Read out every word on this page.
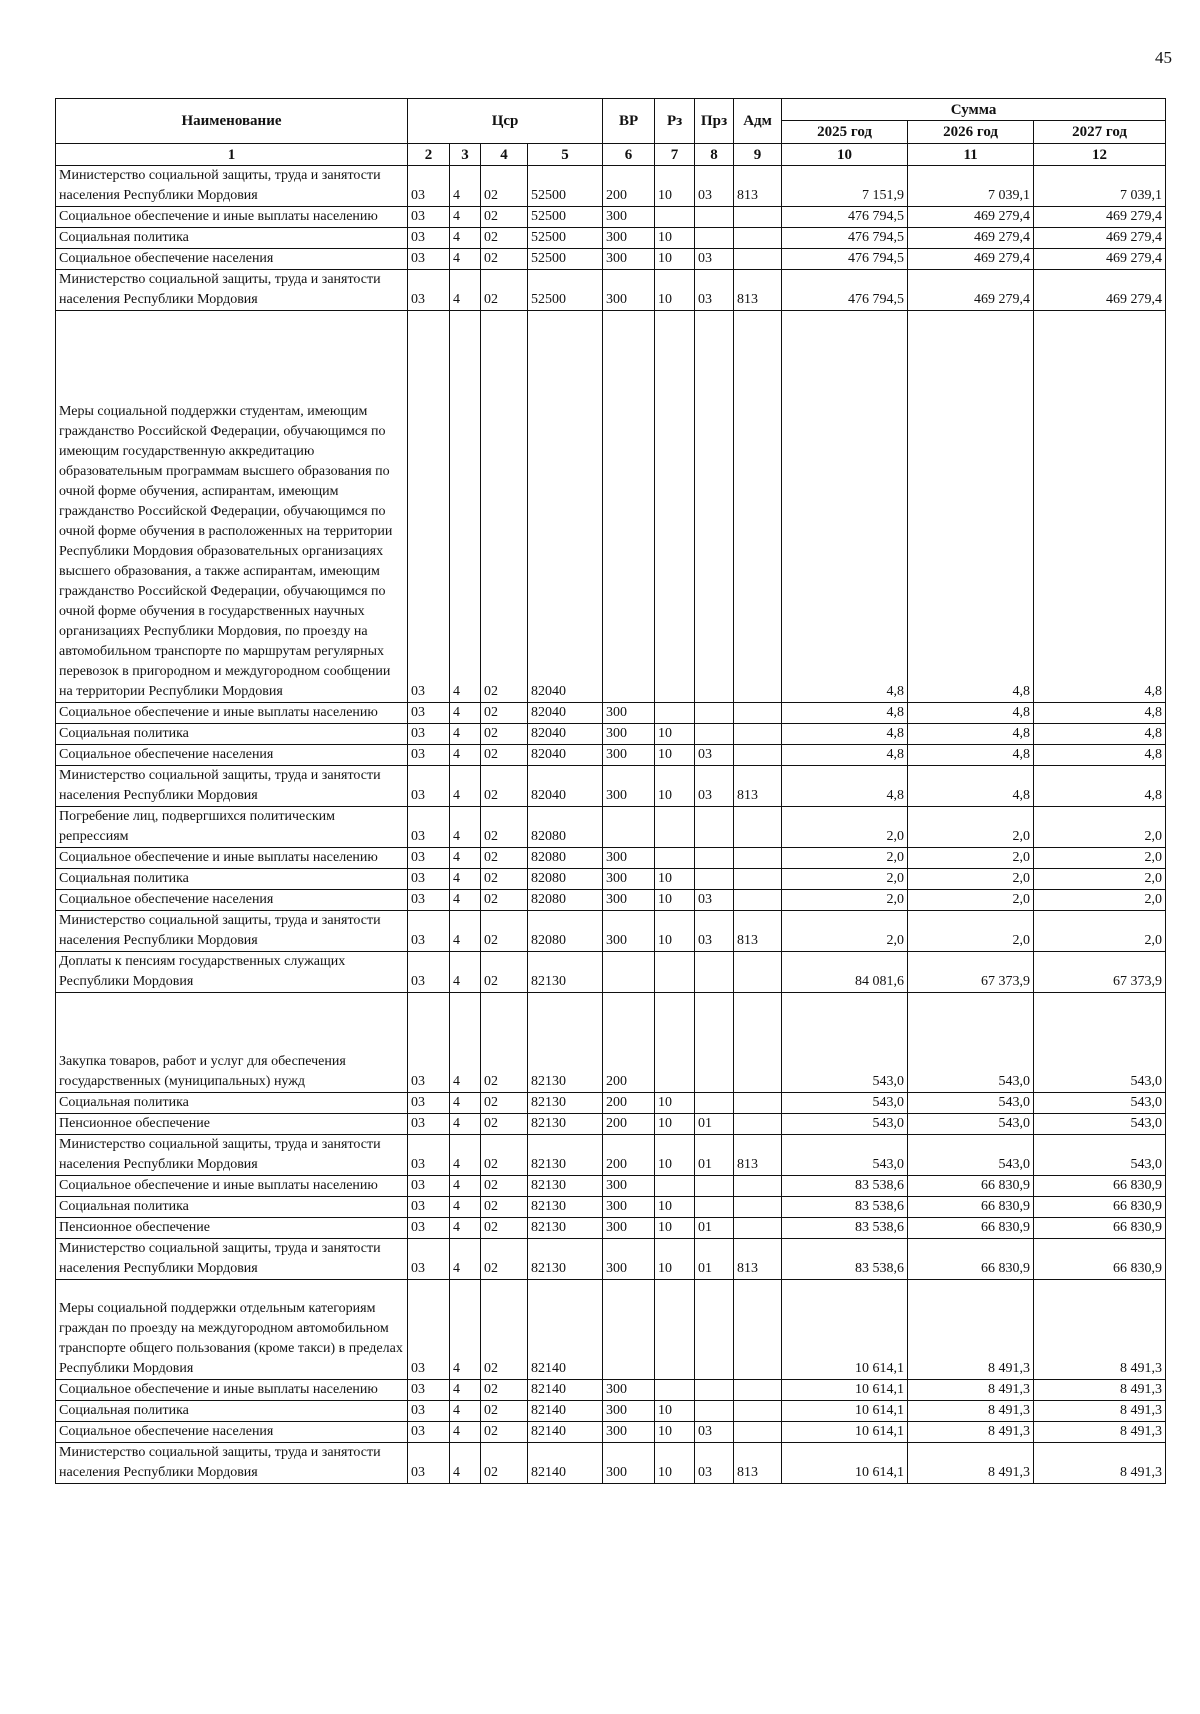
45
Наименование	Цср				ВР	Рз	Прз	Адм	Сумма		
									2025 год	2026 год	2027 год
1	2	3	4	5	6	7	8	9	10	11	12
Министерство социальной защиты, труда и занятости населения Республики Мордовия	03	4	02	52500	200	10	03	813	7 151,9	7 039,1	7 039,1
Социальное обеспечение и иные выплаты населению	03	4	02	52500	300				476 794,5	469 279,4	469 279,4
Социальная политика	03	4	02	52500	300	10			476 794,5	469 279,4	469 279,4
Социальное обеспечение населения	03	4	02	52500	300	10	03		476 794,5	469 279,4	469 279,4
Министерство социальной защиты, труда и занятости населения Республики Мордовия	03	4	02	52500	300	10	03	813	476 794,5	469 279,4	469 279,4
Меры социальной поддержки студентам, имеющим гражданство Российской Федерации, обучающимся по имеющим государственную аккредитацию образовательным программам высшего образования по очной форме обучения, аспирантам, имеющим гражданство Российской Федерации, обучающимся по очной форме обучения в расположенных на территории Республики Мордовия образовательных организациях высшего образования, а также аспирантам, имеющим гражданство Российской Федерации, обучающимся по очной форме обучения в государственных научных организациях Республики Мордовия, по проезду на автомобильном транспорте по маршрутам регулярных перевозок в пригородном и междугородном сообщении на территории Республики Мордовия	03	4	02	82040					4,8	4,8	4,8
Социальное обеспечение и иные выплаты населению	03	4	02	82040	300				4,8	4,8	4,8
Социальная политика	03	4	02	82040	300	10			4,8	4,8	4,8
Социальное обеспечение населения	03	4	02	82040	300	10	03		4,8	4,8	4,8
Министерство социальной защиты, труда и занятости населения Республики Мордовия	03	4	02	82040	300	10	03	813	4,8	4,8	4,8
Погребение лиц, подвергшихся политическим репрессиям	03	4	02	82080					2,0	2,0	2,0
Социальное обеспечение и иные выплаты населению	03	4	02	82080	300				2,0	2,0	2,0
Социальная политика	03	4	02	82080	300	10			2,0	2,0	2,0
Социальное обеспечение населения	03	4	02	82080	300	10	03		2,0	2,0	2,0
Министерство социальной защиты, труда и занятости населения Республики Мордовия	03	4	02	82080	300	10	03	813	2,0	2,0	2,0
Доплаты к пенсиям государственных служащих Республики Мордовия	03	4	02	82130					84 081,6	67 373,9	67 373,9
Закупка товаров, работ и услуг для обеспечения государственных (муниципальных) нужд	03	4	02	82130	200				543,0	543,0	543,0
Социальная политика	03	4	02	82130	200	10			543,0	543,0	543,0
Пенсионное обеспечение	03	4	02	82130	200	10	01		543,0	543,0	543,0
Министерство социальной защиты, труда и занятости населения Республики Мордовия	03	4	02	82130	200	10	01	813	543,0	543,0	543,0
Социальное обеспечение и иные выплаты населению	03	4	02	82130	300				83 538,6	66 830,9	66 830,9
Социальная политика	03	4	02	82130	300	10			83 538,6	66 830,9	66 830,9
Пенсионное обеспечение	03	4	02	82130	300	10	01		83 538,6	66 830,9	66 830,9
Министерство социальной защиты, труда и занятости населения Республики Мордовия	03	4	02	82130	300	10	01	813	83 538,6	66 830,9	66 830,9
Меры социальной поддержки отдельным категориям граждан по проезду на междугородном автомобильном транспорте общего пользования (кроме такси) в пределах Республики Мордовия	03	4	02	82140					10 614,1	8 491,3	8 491,3
Социальное обеспечение и иные выплаты населению	03	4	02	82140	300				10 614,1	8 491,3	8 491,3
Социальная политика	03	4	02	82140	300	10			10 614,1	8 491,3	8 491,3
Социальное обеспечение населения	03	4	02	82140	300	10	03		10 614,1	8 491,3	8 491,3
Министерство социальной защиты, труда и занятости населения Республики Мордовия	03	4	02	82140	300	10	03	813	10 614,1	8 491,3	8 491,3
